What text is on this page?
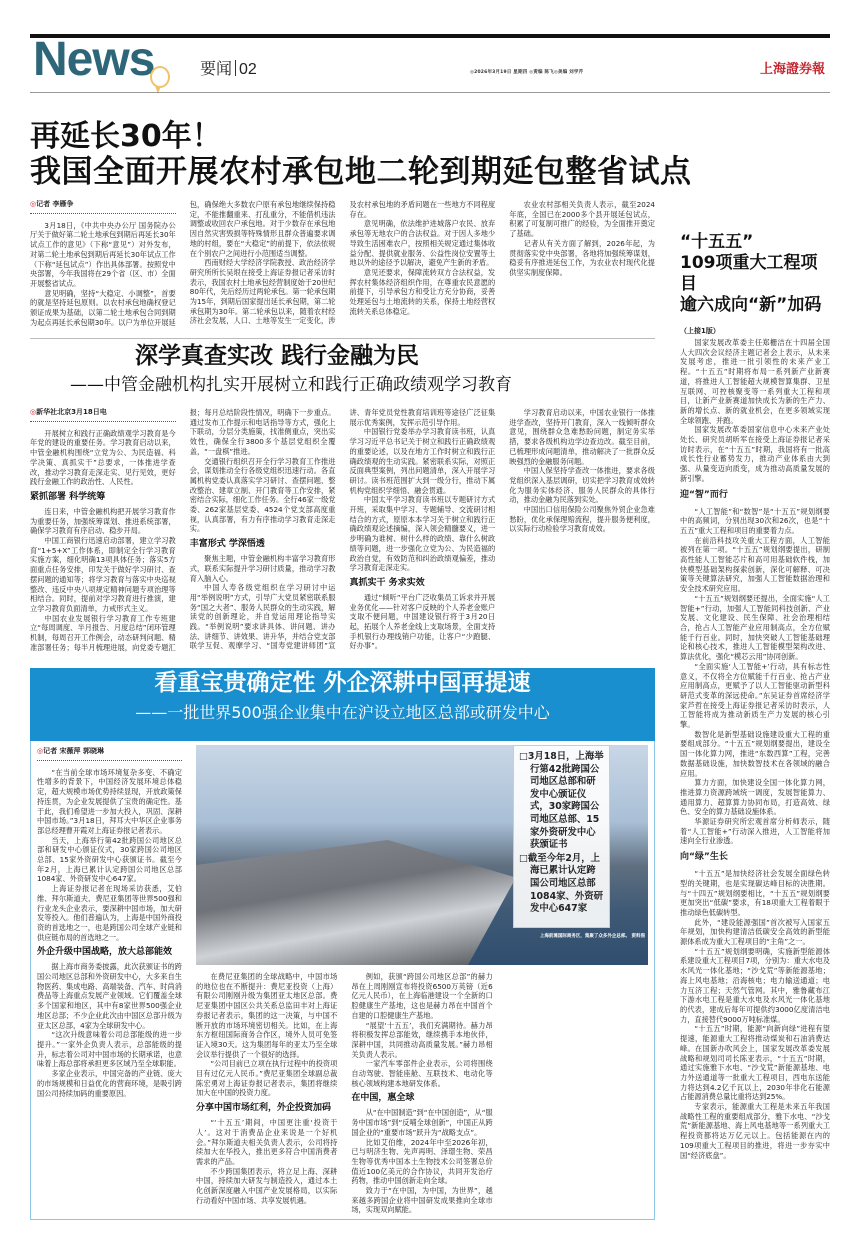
News	要闻 02	◎2026年3月19日 星期四 ◎责编 陈飞◎美编 刘学芹	上海證券報
再延长30年！
我国全面开展农村承包地二轮到期延包整省试点
◎记者 李雁争

3月18日，《中共中央办公厅 国务院办公厅关于做好第二轮土地承包到期后再延长30年试点工作的意见》（下称“意见”）对外发布，对第二轮土地承包到期后再延长30年试点工作（下称“延包试点”）作出具体部署。按照党中央部署，今年我国将在29个省（区、市）全面开展整省试点。

意见明确，坚持“大稳定、小调整”，首要的就是坚持延包原则。以农村承包地确权登记颁证成果为基础，以第二轮土地承包合同到期为起点再延长承包期30年。以户为单位开展延包，确保绝大多数农户原有承包地继续保持稳定，不能推翻重来、打乱重分，不能借机违法调整或收回农户承包地。对于少数存在承包地因自然灾害毁损等特殊情形且群众普遍要求调地的村组，要在“大稳定”的前提下，依法依规在个别农户之间进行小范围适当调整。

西南财经大学经济学院教授、政治经济学研究所所长吴垠在接受上海证券报记者采访时表示，我国农村土地承包经营制度始于20世纪80年代，先后经历过两轮承包。第一轮承包期为15年，到期后国家提出延长承包期，第二轮承包期为30年。第二轮承包以来，随着农村经济社会发展，人口、土地等发生一定变化，涉及农村承包地的矛盾问题在一些地方不同程度存在。

意见明确，依法维护进城落户农民、放弃承包等无地农户的合法权益。对于因人多地少导致生活困难农户，按照相关规定通过集体收益分配、提供就业服务、公益性岗位安置等土地以外的途径予以解决，避免产生新的矛盾。

意见还要求，保障流转双方合法权益，发挥农村集体经济组织作用，在尊重农民意愿的前提下，引导承包方和受让方充分协商，妥善处理延包与土地流转的关系，保持土地经营权流转关系总体稳定。

农业农村部相关负责人表示，截至2024年底，全国已在2000多个县开展延包试点，积累了可复制可推广的经验，为全面推开奠定了基础。

记者从有关方面了解到，2026年起，为贯彻落实党中央部署，各地将加强统筹谋划，稳妥有序推进延包工作，为农业农村现代化提供坚实制度保障。

深学真查实改 践行金融为民
——中管金融机构扎实开展树立和践行正确政绩观学习教育
◎新华社北京3月18日电

开展树立和践行正确政绩观学习教育是今年党的建设的重要任务。学习教育启动以来，中管金融机构围绕“立党为公、为民造福、科学决策、真抓实干”总要求，一体推进学查改，推动学习教育走深走实、见行见效，更好践行金融工作的政治性、人民性。

紧抓部署 科学统筹

连日来，中管金融机构把开展学习教育作为重要任务，加强统筹谋划、推进系统部署，确保学习教育有序启动、稳步开局。

中国工商银行迅速启动部署，建立学习教育“1+5+X”工作体系，即制定全行学习教育实施方案，细化明确13项具体任务；落实5方面重点任务安排，印发关于做好学习研讨、查摆问题的通知等；将学习教育与落实中央巡视整改、违反中央八项规定精神问题专项治理等相结合。同时，提前对学习教育进行推演，建立学习教育负面清单，力戒形式主义。

中国农业发展银行学习教育工作专班建立“每周调度、半月报告、月度总结”闭环管理机制，每周召开工作例会，动态研判问题、精准部署任务；每半月梳理进展，向党委专题汇报；每月总结阶段性情况，明确下一步重点。通过发布工作提示和电话指导等方式，强化上下联动，分层分类施策，找准侧重点，突出实效性，确保全行3800多个基层党组织全覆盖，“一盘棋”推进。

交通银行组织召开全行学习教育工作推进会，谋划推动全行各级党组织迅速行动。各直属机构党委认真落实学习研讨、查摆问题、整改整治、建章立制、开门教育等工作安排，紧密结合实际，细化工作任务。全行46家一级党委、262家基层党委、4524个党支部高度重视，认真部署，有力有序推动学习教育走深走实。

丰富形式 学深悟透

聚焦主题，中管金融机构丰富学习教育形式，联系实际提升学习研讨质量，推动学习教育入脑入心。

中国人寿各级党组织在学习研讨中运用“举例说明”方式，引导广大党员紧密联系服务“国之大者”、服务人民群众的生动实践，解读党的创新理论，并自觉运用理论指导实践。“举例说明”要求讲具体、讲问题、讲办法、讲细节、讲效果、讲升华，并结合党支部联学互促、观摩学习、“国寿党建讲师团”宣讲、青年党员党性教育培训班等途径广泛征集展示优秀案例，发挥示范引导作用。

中国银行党委举办学习教育读书班，认真学习习近平总书记关于树立和践行正确政绩观的重要论述，以及在地方工作时树立和践行正确政绩观的生动实践。紧密联系实际，对照正反面典型案例，列出问题清单，深入开展学习研讨。读书班范围扩大到一级分行，推动下属机构党组织学细悟、融会贯通。

中国太平学习教育读书班以专题研讨方式开班，采取集中学习、专题辅导、交流研讨相结合的方式，原原本本学习关于树立和践行正确政绩观论述摘编，深入领会精髓要义，进一步明确为谁树、树什么样的政绩、靠什么树政绩等问题，进一步强化立党为公、为民造福的政治自觉，有效防范和纠治政绩观偏差，推动学习教育走深走实。

真抓实干 务求实效

通过“倾听”平台广泛收集员工诉求并开展业务优化——针对客户反映的个人养老金账户支取不便问题，中国建设银行将于3月20日起，拓展个人养老金线上支取场景，全面支持手机银行办理线销户功能，让客户“少跑腿、好办事”。

学习教育启动以来，中国农业银行一体推进学查改，坚持开门教育，深入一线倾听群众意见，围绕群众急难愁盼问题，制定务实举措，要求各级机构边学边查边改。截至目前，已梳理形成问题清单，推动解决了一批群众反映强烈的金融服务问题。

中国人保坚持学查改一体推进，要求各级党组织深入基层调研，切实把学习教育成效转化为服务实体经济、服务人民群众的具体行动，推动金融为民落到实处。

中国出口信用保险公司聚焦外贸企业急难愁盼，优化承保理赔流程，提升服务便利度，以实际行动检验学习教育成效。

看重宝贵确定性 外企深耕中国再提速
——一批世界500强企业集中在沪设立地区总部或研发中心
◎记者 宋薇萍 郭晓琳

“在当前全球市场环境复杂多变、不确定性增多的背景下，中国经济发展环境总体稳定，超大规模市场优势持续显现，开放政策保持连贯，为企业发展提供了宝贵的确定性。基于此，我们希望进一步加大投入，巩固、深耕中国市场。”3月18日，拜耳大中华区企业事务部总经理曹开霞对上海证券报记者表示。

当天，上海举行第42批跨国公司地区总部和研发中心颁证仪式，30家跨国公司地区总部、15家外资研发中心获颁证书。截至今年2月，上海已累计认定跨国公司地区总部1084家、外资研发中心647家。

上海证券报记者在现场采访获悉，艾伯维、拜尔斯道夫、费尼亚集团等世界500强和行业龙头企业表示，要深耕中国市场，加大研发等投入。他们普遍认为，上海是中国外商投资的首选地之一，也是跨国公司全球产业链和供应链布局的首选地之一。

外企升级中国战略，放大总部能效

据上海市商务委披露，此次获颁证书的跨国公司地区总部和外资研发中心，大多来自生物医药、集成电路、高端装备、汽车、时尚消费品等上海重点发展产业领域。它们覆盖全球多个国家和地区，其中有8家世界500强企业地区总部；不少企业此次由中国区总部升级为亚太区总部，4家为全球研发中心。

“这次升级意味着公司总部能级的进一步提升。”一家外企负责人表示，总部能级的提升，标志着公司对中国市场的长期承诺，也意味着上海总部将承担更多区域乃至全球职能。

多家企业表示，中国完备的产业链、庞大的市场规模和日益优化的营商环境，是吸引跨国公司持续加码的重要原因。

□3月18日，上海举行第42批跨国公司地区总部和研发中心颁证仪式，30家跨国公司地区总部、15家外资研发中心获颁证书

□截至今年2月，上海已累计认定跨国公司地区总部1084家、外资研发中心647家

上海前滩国际商务区，集聚了众多外企总部。 资料图

在费尼亚集团的全球战略中，中国市场的地位也在不断提升：费尼亚投资（上海）有限公司刚刚升级为集团亚太地区总部。费尼亚集团中国区公共关系总监田丰对上海证券报记者表示，集团的这一决策，与中国不断开放的市场环境密切相关。比如，在上海东方枢纽国际商务合作区，境外人员可免签证入境30天。这为集团每年的亚太乃至全球会议举行提供了一个很好的选择。

“公司目前已立项在执行过程中的投资项目有过亿元人民币。”费尼亚集团全球副总裁陈宏勇对上海证券报记者表示，集团将继续加大在中国的投资力度。

分享中国市场红利，外企投资加码

“‘十五五’期间，中国更注重‘投资于人’。这对于消费品企业来说是一个好机会。”拜尔斯道夫相关负责人表示，公司将持续加大在华投入，推出更多符合中国消费者需求的产品。

不少跨国集团表示，将立足上海、深耕中国，持续加大研发与制造投入，通过本土化创新深度融入中国产业发展格局，以实际行动看好中国市场、共享发展机遇。

例如，获颁“跨国公司地区总部”的赫力昂在上周刚刚宣布将投资6500万英镑（近6亿元人民币），在上海临港建设一个全新的口腔健康生产基地，这也是赫力昂在中国首个自建的口腔健康生产基地。

“展望‘十五五’，我们充满期待。赫力昂将积极发挥总部能效，继续携手本地伙伴，深耕中国，共同推动高质量发展。”赫力昂相关负责人表示。

一家汽车零部件企业表示，公司将围绕自动驾驶、智能座舱、互联技术、电动化等核心领域构建本地研发体系。

在中国，惠全球

从“在中国制造”到“在中国创造”，从“服务中国市场”到“反哺全球创新”，中国正从跨国企业的“重要市场”跃升为“战略支点”。

比如艾伯维，2024年中至2026年初，已与明济生物、先声再明、泽璟生物、荣昌生物等优秀中国本土生物技术公司签署总价值近100亿美元的合作协议，共同开发治疗药物，推动中国创新走向全球。

致力于“在中国，为中国，为世界”，越来越多跨国企业将中国研发成果推向全球市场，实现双向赋能。

“十五五”
109项重大工程项目
逾六成向“新”加码
（上接1版）

国家发展改革委主任郑栅洁在十四届全国人大四次会议经济主题记者会上表示，从未来发展考虑，推进一批引领性的未来产业工程。“十五五”时期将布局一系列新产业新赛道，将推进人工智能超大规模智算集群、卫星互联网、可控核聚变等一系列重大工程和项目，让新产业新赛道加快成长为新的生产力、新的增长点、新的就业机会，在更多领域实现全球领跑、并跑。

国家发展改革委国家信息中心未来产业处处长、研究员胡昕军在接受上海证券报记者采访时表示，在“十五五”时期，我国将有一批高成长性行业蓄势发力，推动产业体系由大到强、从量变迈向质变，成为推动高质量发展的新引擎。

迎“智”而行

“人工智能”和“数智”是“十五五”规划纲要中的高频词，分别出现30次和26次，也是“十五五”重大工程和项目的重要着力点。

在前沿科技攻关重大工程方面，人工智能被列在第一项。“十五五”规划纲要提出，研制高性能人工智能芯片和高可用基础软件栈，加快模型基础架构探索创新，深化可解释、可决策等关键算法研究，加强人工智能数据治理和安全技术研究应用。

“十五五”规划纲要还提出，全面实施“人工智能+”行动，加强人工智能同科技创新、产业发展、文化建设、民生保障、社会治理相结合，抢占人工智能产业应用制高点，全方位赋能千行百业。同时，加快突破人工智能基础理论和核心技术，推进人工智能模型架构改进、算法优化，强化“模芯云用”协同创新。

“全面实施‘人工智能+’行动，具有标志性意义，不仅将全方位赋能千行百业、抢占产业应用制高点，更赋予了以人工智能驱动新型科研范式变革的深远使命。”东吴证券首席经济学家芦哲在接受上海证券报记者采访时表示，人工智能将成为推动新质生产力发展的核心引擎。

数智化是新型基础设施建设重大工程的重要组成部分。“十五五”规划纲要提出，建设全国一体化算力网，推进“东数西算”工程，完善数据基础设施，加快数智技术在各领域的融合应用。

算力方面，加快建设全国一体化算力网，推进算力资源跨域统一调度，发展智能算力、通用算力、超算算力协同布局，打造高效、绿色、安全的算力基础设施体系。

华源证券研究所宏观首席分析师表示，随着“人工智能+”行动深入推进，人工智能将加速向全行业渗透。

向“绿”生长

“十五五”是加快经济社会发展全面绿色转型的关键期，也是实现碳达峰目标的决胜期。与“十四五”规划纲要相比，“十五五”规划纲要更加突出“低碳”要求，有18项重大工程着眼于推动绿色低碳转型。

此外，“建设能源强国”首次被写入国家五年规划，加快构建清洁低碳安全高效的新型能源体系成为重大工程项目的“主角”之一。

“十五五”规划纲要明确，实施新型能源体系建设重大工程项目7项，分别为：重大水电及水风光一体化基地；“沙戈荒”等新能源基地；海上风电基地；沿海核电；电力输送通道；电力互济工程；天然气管网。其中，雅鲁藏布江下游水电工程是重大水电及水风光一体化基地的代表，建成后每年可提供约3000亿度清洁电力，直接替代9000万吨标准煤。

“十五五”时期，能源“向新向绿”进程有望提速，能源重大工程将推动煤炭和石油消费达峰。在国新办吹风会上，国家发展改革委发展战略和规划司司长陈亚表示，“十五五”时期，通过实施雅下水电、“沙戈荒”新能源基地、电力外送通道等一批重大工程项目，西电东送能力将达到4.2亿千瓦以上，2030年非化石能源占能源消费总量比重将达到25%。

专家表示，能源重大工程是未来五年我国战略性工程的重要组成部分，雅下水电、“沙戈荒”新能源基地、海上风电基地等一系列重大工程投资都将达万亿元以上。包括能源在内的109项重大工程项目的推进，将进一步夯实中国“经济底盘”。
